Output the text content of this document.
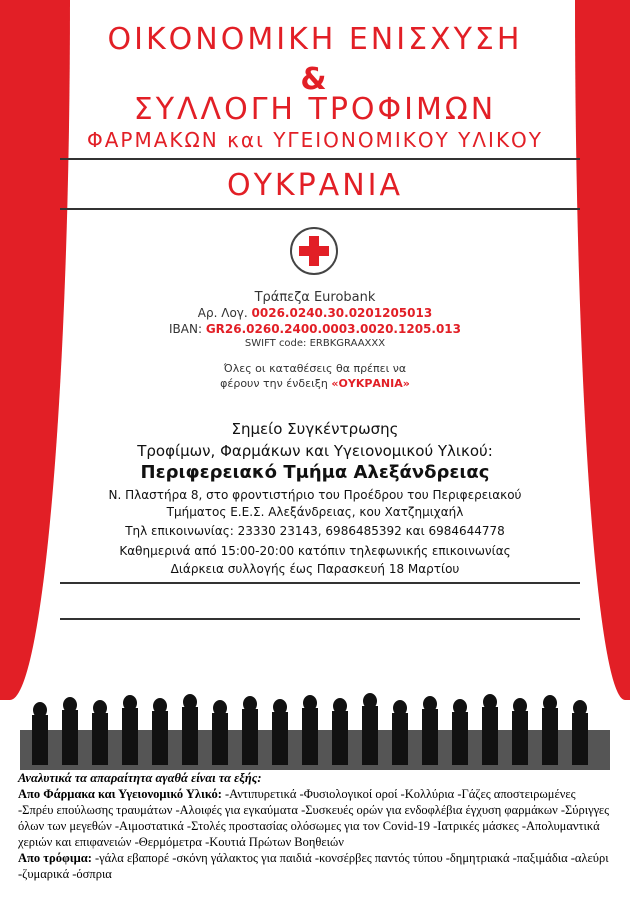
ΟΙΚΟΝΟΜΙΚΗ ΕΝΙΣΧΥΣΗ
&
ΣΥΛΛΟΓΗ ΤΡΟΦΙΜΩΝ
ΦΑΡΜΑΚΩΝ και ΥΓΕΙΟΝΟΜΙΚΟΥ ΥΛΙΚΟΥ
ΟΥΚΡΑΝΙΑ
Τράπεζα Eurobank
Αρ. Λογ. 0026.0240.30.0201205013
IBAN: GR26.0260.2400.0003.0020.1205.013
SWIFT code: ERBKGRAAXXX
Όλες οι καταθέσεις θα πρέπει να
φέρουν την ένδειξη «ΟΥΚΡΑΝΙΑ»
Σημείο Συγκέντρωσης
Τροφίμων, Φαρμάκων και Υγειονομικού Υλικού:
Περιφερειακό Τμήμα Αλεξάνδρειας
Ν. Πλαστήρα 8, στο φροντιστήριο του Προέδρου του Περιφερειακού
Τμήματος Ε.Ε.Σ. Αλεξάνδρειας, κου Χατζημιχαήλ
Τηλ επικοινωνίας: 23330 23143, 6986485392 και 6984644778
Καθημερινά από 15:00-20:00 κατόπιν τηλεφωνικής επικοινωνίας
Διάρκεια συλλογής έως Παρασκευή 18 Μαρτίου

Αναλυτικά τα απαραίτητα αγαθά είναι τα εξής:

Απο Φάρμακα και Υγειονομικό Υλικό: -Αντιπυρετικά -Φυσιολογικοί οροί -Κολλύρια -Γάζες αποστειρωμένες -Σπρέυ επούλωσης τραυμάτων -Αλοιφές για εγκαύματα -Συσκευές ορών για ενδοφλέβια έγχυση φαρμάκων -Σύριγγες όλων των μεγεθών -Αιμοστατικά -Στολές προστασίας ολόσωμες για τον Covid-19 -Ιατρικές μάσκες -Απολυμαντικά χεριών και επιφανειών -Θερμόμετρα -Κουτιά Πρώτων Βοηθειών

Απο τρόφιμα: -γάλα εβαπορέ -σκόνη γάλακτος για παιδιά -κονσέρβες παντός τύπου -δημητριακά -παξιμάδια -αλεύρι -ζυμαρικά -όσπρια
